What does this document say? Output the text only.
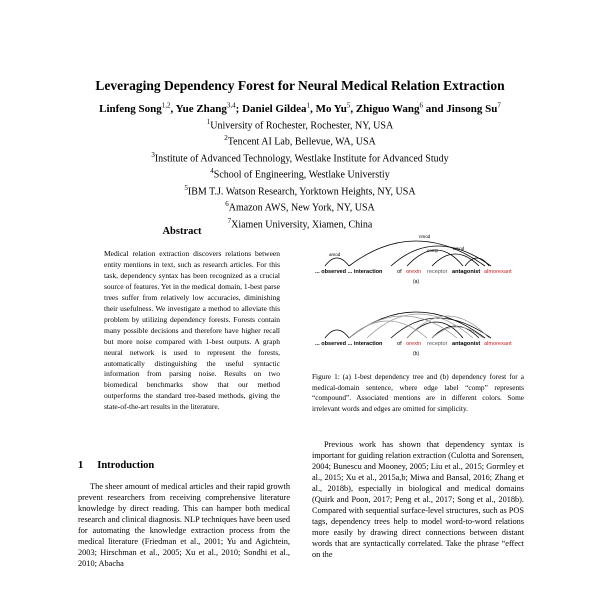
Leveraging Dependency Forest for Neural Medical Relation Extraction
Linfeng Song$^{1,2}$, Yue Zhang$^{3,4}$; Daniel Gildea$^1$, Mo Yu$^5$, Zhiguo Wang$^6$ and Jinsong Su$^7$
$^1$University of Rochester, Rochester, NY, USA
$^2$Tencent AI Lab, Bellevue, WA, USA
$^3$Institute of Advanced Technology, Westlake Institute for Advanced Study
$^4$School of Engineering, Westlake Universtiy
$^5$IBM T.J. Watson Research, Yorktown Heights, NY, USA
$^6$Amazon AWS, New York, NY, USA
$^7$Xiamen University, Xiamen, China
Abstract
Medical relation extraction discovers relations between entity mentions in text, such as research articles. For this task, dependency syntax has been recognized as a crucial source of features. Yet in the medical domain, 1-best parse trees suffer from relatively low accuracies, diminishing their usefulness. We investigate a method to alleviate this problem by utilizing dependency forests. Forests contain many possible decisions and therefore have higher recall but more noise compared with 1-best outputs. A graph neural network is used to represent the forests, automatically distinguishing the useful syntactic information from parsing noise. Results on two biomedical benchmarks show that our method outperforms the standard tree-based methods, giving the state-of-the-art results in the literature.
1 Introduction

The sheer amount of medical articles and their rapid growth prevent researchers from receiving comprehensive literature knowledge by direct reading. This can hamper both medical research and clinical diagnosis. NLP techniques have been used for automating the knowledge extraction process from the medical literature (Friedman et al., 2001; Yu and Agichtein, 2003; Hirschman et al., 2005; Xu et al., 2010; Sondhi et al., 2010; Abacha

amod
nmod
comp	nmod
... observed ... interaction	of orexin receptor antagonist almorexant
(a)
... observed ... interaction	of orexin receptor antagonist almorexant
(b)
Figure 1: (a) 1-best dependency tree and (b) dependency forest for a medical-domain sentence, where edge label “comp” represents “compound”. Associated mentions are in different colors. Some irrelevant words and edges are omitted for simplicity.

Previous work has shown that dependency syntax is important for guiding relation extraction (Culotta and Sorensen, 2004; Bunescu and Mooney, 2005; Liu et al., 2015; Gormley et al., 2015; Xu et al., 2015a,b; Miwa and Bansal, 2016; Zhang et al., 2018b), especially in biological and medical domains (Quirk and Poon, 2017; Peng et al., 2017; Song et al., 2018b). Compared with sequential surface-level structures, such as POS tags, dependency trees help to model word-to-word relations more easily by drawing direct connections between distant words that are syntactically correlated. Take the phrase “effect on the
